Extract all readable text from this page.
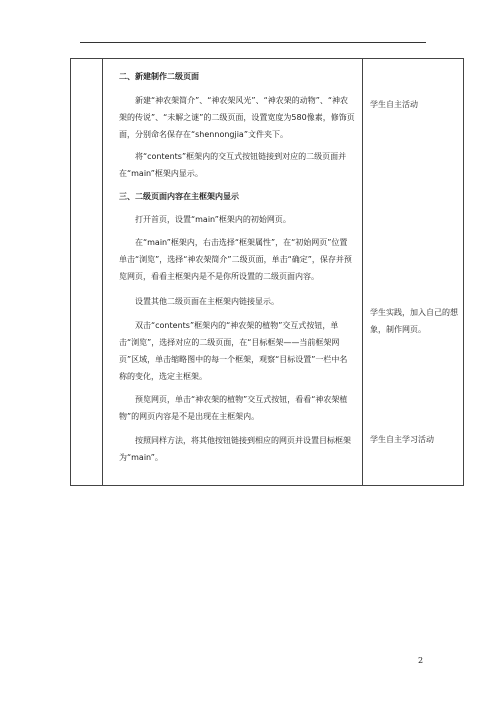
二、新建制作二级页面
新建“神农架简介”、“神农架风光”、“神农架的动物”、“神农架的传说”、“未解之谜”的二级页面，设置宽度为580像素，修饰页面，分别命名保存在“shennongjia”文件夹下。
将“contents”框架内的交互式按钮链接到对应的二级页面并在“main”框架内显示。
三、二级页面内容在主框架内显示
打开首页，设置“main”框架内的初始网页。
在“main”框架内，右击选择“框架属性”，在“初始网页”位置单击“浏览”，选择“神农架简介”二级页面，单击“确定”，保存并预览网页，看看主框架内是不是你所设置的二级页面内容。
设置其他二级页面在主框架内链接显示。
双击“contents”框架内的“神农架的植物”交互式按钮，单击“浏览”，选择对应的二级页面，在“目标框架——当前框架网页”区域，单击缩略图中的每一个框架，观察“目标设置”一栏中名称的变化，选定主框架。
预览网页，单击“神农架的植物”交互式按钮，看看“神农架植物”的网页内容是不是出现在主框架内。
按照同样方法，将其他按钮链接到相应的网页并设置目标框架为“main”。
学生自主活动
学生实践，加入自己的想象，制作网页。
学生自主学习活动
2
